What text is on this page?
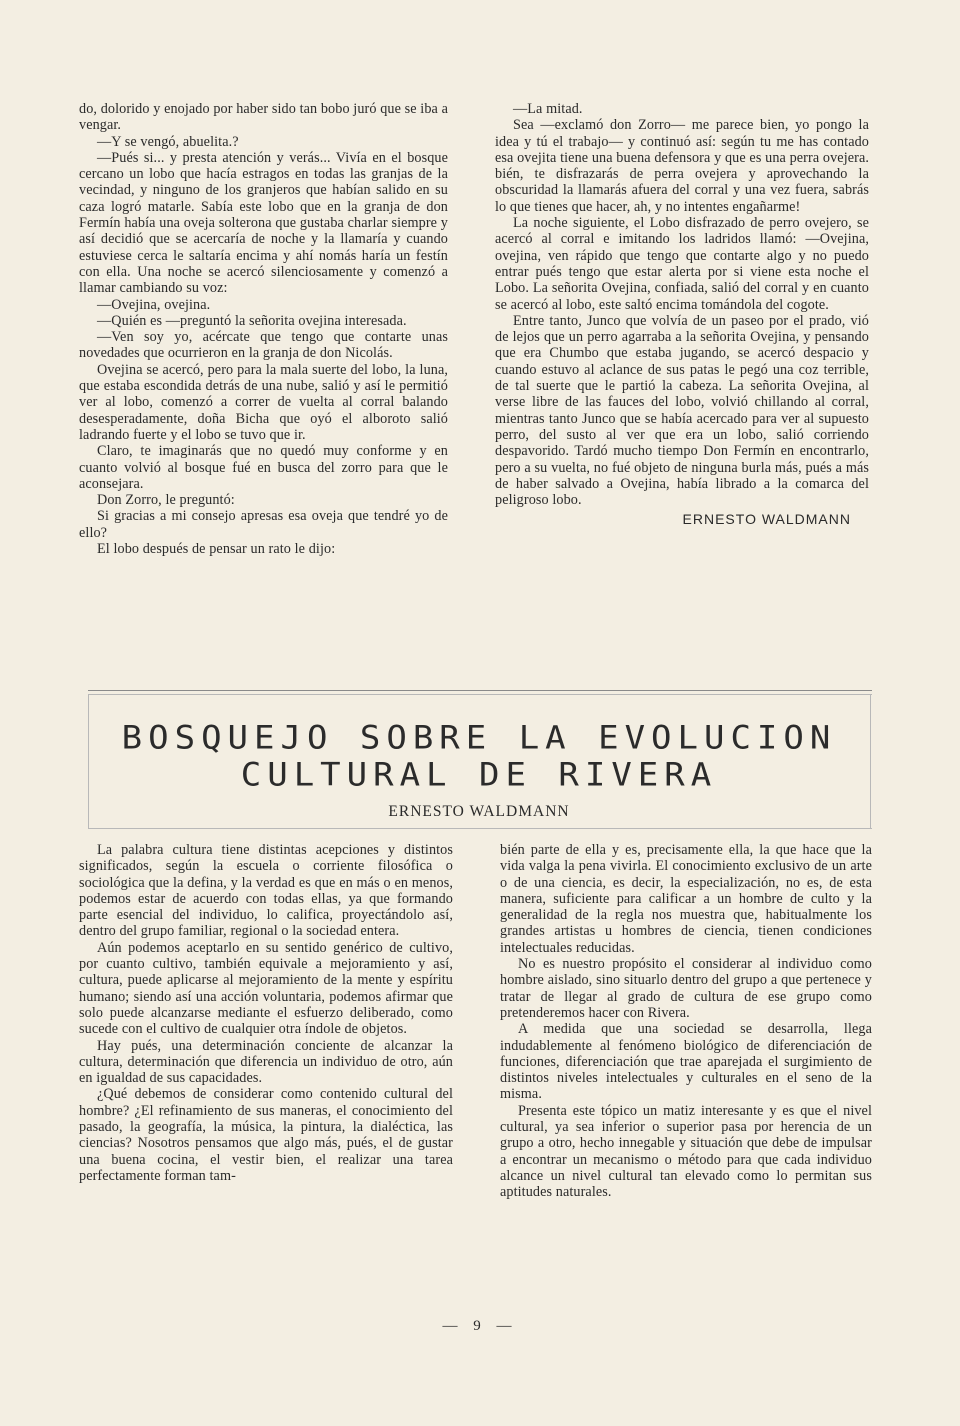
do, dolorido y enojado por haber sido tan bobo juró que se iba a vengar.

—Y se vengó, abuelita.?

—Pués si... y presta atención y verás... Vivía en el bosque cercano un lobo que hacía estragos en todas las granjas de la vecindad, y ninguno de los granjeros que habían salido en su caza logró matarle. Sabía este lobo que en la granja de don Fermín había una oveja solterona que gustaba charlar siempre y así decidió que se acercaría de noche y la llamaría y cuando estuviese cerca le saltaría encima y ahí nomás haría un festín con ella. Una noche se acercó silenciosamente y comenzó a llamar cambiando su voz:

—Ovejina, ovejina.

—Quién es —preguntó la señorita ovejina interesada.

—Ven soy yo, acércate que tengo que contarte unas novedades que ocurrieron en la granja de don Nicolás.

Ovejina se acercó, pero para la mala suerte del lobo, la luna, que estaba escondida detrás de una nube, salió y así le permitió ver al lobo, comenzó a correr de vuelta al corral balando desesperadamente, doña Bicha que oyó el alboroto salió ladrando fuerte y el lobo se tuvo que ir.

Claro, te imaginarás que no quedó muy conforme y en cuanto volvió al bosque fué en busca del zorro para que le aconsejara.

Don Zorro, le preguntó:

Si gracias a mi consejo apresas esa oveja que tendré yo de ello?

El lobo después de pensar un rato le dijo:

—La mitad.

Sea —exclamó don Zorro— me parece bien, yo pongo la idea y tú el trabajo— y continuó así: según tu me has contado esa ovejita tiene una buena defensora y que es una perra ovejera. bién, te disfrazarás de perra ovejera y aprovechando la obscuridad la llamarás afuera del corral y una vez fuera, sabrás lo que tienes que hacer, ah, y no intentes engañarme!

La noche siguiente, el Lobo disfrazado de perro ovejero, se acercó al corral e imitando los ladridos llamó: —Ovejina, ovejina, ven rápido que tengo que contarte algo y no puedo entrar pués tengo que estar alerta por si viene esta noche el Lobo. La señorita Ovejina, confiada, salió del corral y en cuanto se acercó al lobo, este saltó encima tomándola del cogote.

Entre tanto, Junco que volvía de un paseo por el prado, vió de lejos que un perro agarraba a la señorita Ovejina, y pensando que era Chumbo que estaba jugando, se acercó despacio y cuando estuvo al aclance de sus patas le pegó una coz terrible, de tal suerte que le partió la cabeza. La señorita Ovejina, al verse libre de las fauces del lobo, volvió chillando al corral, mientras tanto Junco que se había acercado para ver al supuesto perro, del susto al ver que era un lobo, salió corriendo despavorido. Tardó mucho tiempo Don Fermín en encontrarlo, pero a su vuelta, no fué objeto de ninguna burla más, pués a más de haber salvado a Ovejina, había librado a la comarca del peligroso lobo.

ERNESTO WALDMANN
BOSQUEJO SOBRE LA EVOLUCION
CULTURAL DE RIVERA
ERNESTO WALDMANN

La palabra cultura tiene distintas acepciones y distintos significados, según la escuela o corriente filosófica o sociológica que la defina, y la verdad es que en más o en menos, podemos estar de acuerdo con todas ellas, ya que formando parte esencial del individuo, lo califica, proyectándolo así, dentro del grupo familiar, regional o la sociedad entera.

Aún podemos aceptarlo en su sentido genérico de cultivo, por cuanto cultivo, también equivale a mejoramiento y así, cultura, puede aplicarse al mejoramiento de la mente y espíritu humano; siendo así una acción voluntaria, podemos afirmar que solo puede alcanzarse mediante el esfuerzo deliberado, como sucede con el cultivo de cualquier otra índole de objetos.

Hay pués, una determinación conciente de alcanzar la cultura, determinación que diferencia un individuo de otro, aún en igualdad de sus capacidades.

¿Qué debemos de considerar como contenido cultural del hombre? ¿El refinamiento de sus maneras, el conocimiento del pasado, la geografía, la música, la pintura, la dialéctica, las ciencias? Nosotros pensamos que algo más, pués, el de gustar una buena cocina, el vestir bien, el realizar una tarea perfectamente forman tam-

bién parte de ella y es, precisamente ella, la que hace que la vida valga la pena vivirla. El conocimiento exclusivo de un arte o de una ciencia, es decir, la especialización, no es, de esta manera, suficiente para calificar a un hombre de culto y la generalidad de la regla nos muestra que, habitualmente los grandes artistas u hombres de ciencia, tienen condiciones intelectuales reducidas.

No es nuestro propósito el considerar al individuo como hombre aislado, sino situarlo dentro del grupo a que pertenece y tratar de llegar al grado de cultura de ese grupo como pretenderemos hacer con Rivera.

A medida que una sociedad se desarrolla, llega indudablemente al fenómeno biológico de diferenciación de funciones, diferenciación que trae aparejada el surgimiento de distintos niveles intelectuales y culturales en el seno de la misma.

Presenta este tópico un matiz interesante y es que el nivel cultural, ya sea inferior o superior pasa por herencia de un grupo a otro, hecho innegable y situación que debe de impulsar a encontrar un mecanismo o método para que cada individuo alcance un nivel cultural tan elevado como lo permitan sus aptitudes naturales.

— 9 —
